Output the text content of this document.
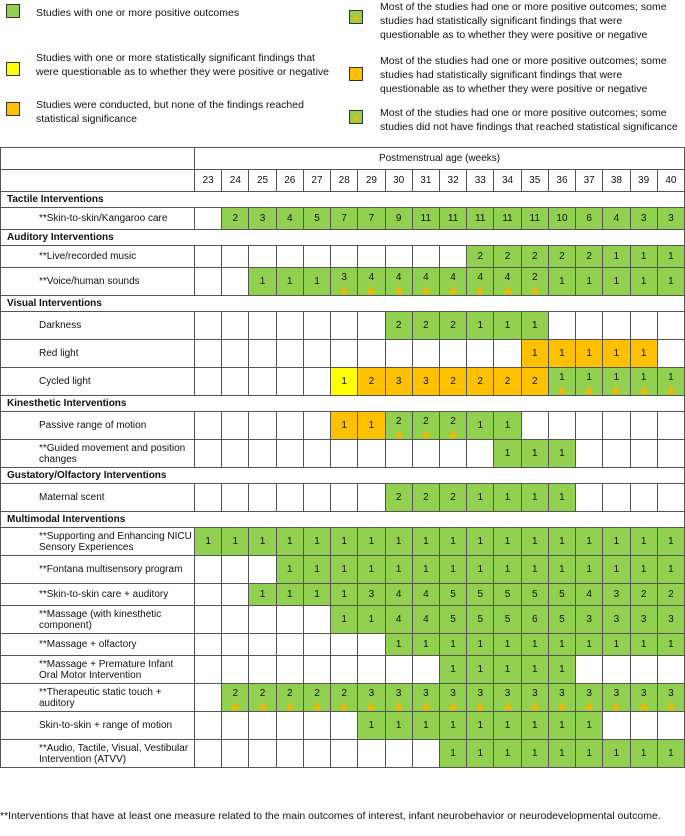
Studies with one or more positive outcomes
Studies with one or more statistically significant findings that were questionable as to whether they were positive or negative
Studies were conducted, but none of the findings reached statistical significance
Most of the studies had one or more positive outcomes; some studies had statistically significant findings that were questionable as to whether they were positive or negative
Most of the studies had one or more positive outcomes; some studies had statistically significant findings that were questionable as to whether they were positive or negative
Most of the studies had one or more positive outcomes; some studies did not have findings that reached statistical significance
	Postmenstrual age (weeks)																	
	23	24	25	26	27	28	29	30	31	32	33	34	35	36	37	38	39	40
Tactile Interventions																		
**Skin-to-skin/Kangaroo care		2	3	4	5	7	7	9	11	11	11	11	11	10	6	4	3	3
Auditory Interventions																		
**Live/recorded music											2	2	2	2	2	1	1	1
**Voice/human sounds			1	1	1	3	4	4	4	4	4	4	2	1	1	1	1	1
Visual Interventions																		
Darkness								2	2	2	1	1	1					
Red light													1	1	1	1	1	
Cycled light						1	2	3	3	2	2	2	2	1	1	1	1	1
Kinesthetic Interventions																		
Passive range of motion						1	1	2	2	2	1	1						
**Guided movement and position changes												1	1	1				
Gustatory/Olfactory Interventions																		
Maternal scent								2	2	2	1	1	1	1				
Multimodal Interventions																		
**Supporting and Enhancing NICU Sensory Experiences	1	1	1	1	1	1	1	1	1	1	1	1	1	1	1	1	1	1
**Fontana multisensory program				1	1	1	1	1	1	1	1	1	1	1	1	1	1	1
**Skin-to-skin care + auditory			1	1	1	1	3	4	4	5	5	5	5	5	4	3	2	2
**Massage (with kinesthetic component)						1	1	4	4	5	5	5	6	5	3	3	3	3
**Massage + olfactory								1	1	1	1	1	1	1	1	1	1	1
**Massage + Premature Infant Oral Motor Intervention										1	1	1	1	1				
**Therapeutic static touch + auditory		2	2	2	2	2	3	3	3	3	3	3	3	3	3	3	3	3
Skin-to-skin + range of motion							1	1	1	1	1	1	1	1	1			
**Audio, Tactile, Visual, Vestibular Intervention (ATVV)										1	1	1	1	1	1	1	1	1
**Interventions that have at least one measure related to the main outcomes of interest, infant neurobehavior or neurodevelopmental outcome.
